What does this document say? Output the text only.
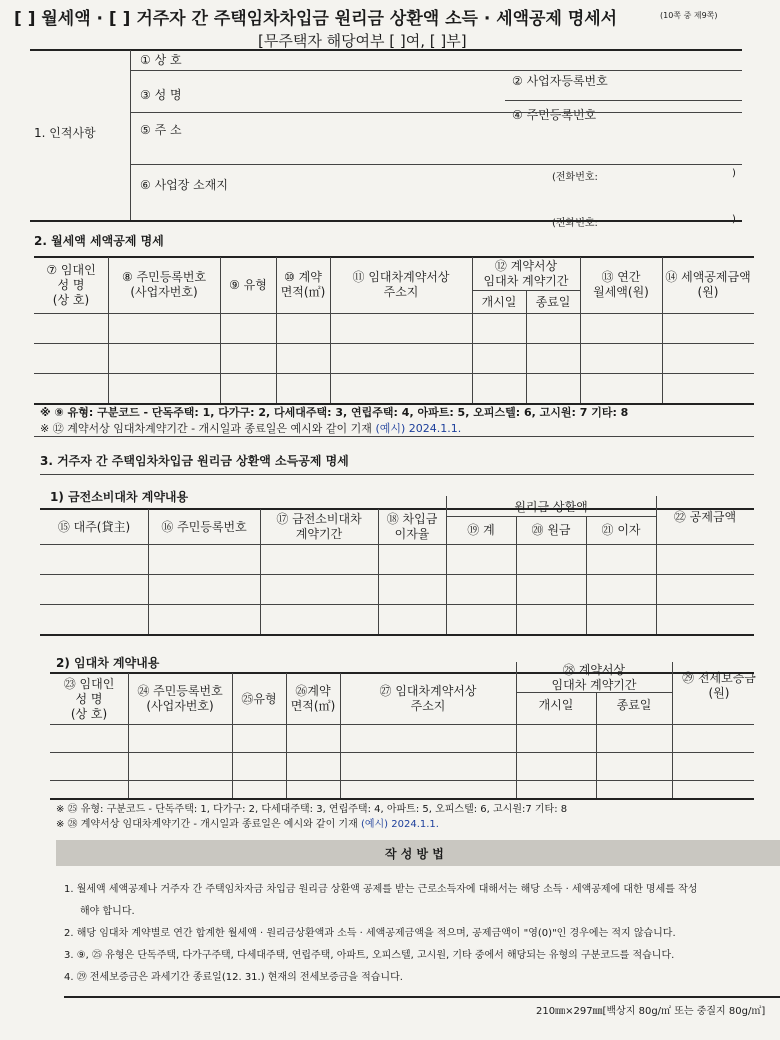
[ ] 월세액 · [ ] 거주자 간 주택임차차입금 원리금 상환액 소득 · 세액공제 명세서	(10쪽 중 제9쪽)
[무주택자 해당여부 [ ]여, [ ]부]
1. 인적사항
① 상 호
② 사업자등록번호
③ 성 명
④ 주민등록번호
⑤ 주 소
(전화번호:	)
⑥ 사업장 소재지
(전화번호:	)
2. 월세액 세액공제 명세
⑦ 임대인
성 명
(상 호)
⑧ 주민등록번호
(사업자번호)
⑨ 유형
⑩ 계약
면적(㎡)
⑪ 임대차계약서상
주소지
⑫ 계약서상
임대차 계약기간
개시일	종료일
⑬ 연간
월세액(원)
⑭ 세액공제금액
(원)
※ ⑨ 유형: 구분코드 - 단독주택: 1, 다가구: 2, 다세대주택: 3, 연립주택: 4, 아파트: 5, 오피스텔: 6, 고시원: 7 기타: 8
※ ⑫ 계약서상 임대차계약기간 - 개시일과 종료일은 예시와 같이 기재 (예시) 2024.1.1.
3. 거주자 간 주택임차차입금 원리금 상환액 소득공제 명세
1) 금전소비대차 계약내용
⑮ 대주(貸主)	⑯ 주민등록번호
⑰ 금전소비대차
계약기간
⑱ 차입금
이자율
원리금 상환액
⑲ 계	⑳ 원금	㉑ 이자
㉒ 공제금액
2) 임대차 계약내용
㉓ 임대인
성 명
(상 호)
㉔ 주민등록번호
(사업자번호)
㉕유형
㉖계약
면적(㎡)
㉗ 임대차계약서상
주소지
㉘ 계약서상
임대차 계약기간
개시일	종료일
㉙ 전세보증금
(원)
※ ㉕ 유형: 구분코드 - 단독주택: 1, 다가구: 2, 다세대주택: 3, 연립주택: 4, 아파트: 5, 오피스텔: 6, 고시원:7 기타: 8
※ ㉘ 계약서상 임대차계약기간 - 개시일과 종료일은 예시와 같이 기재 (예시) 2024.1.1.
작 성 방 법
1. 월세액 세액공제나 거주자 간 주택임차자금 차입금 원리금 상환액 공제를 받는 근로소득자에 대해서는 해당 소득 · 세액공제에 대한 명세를 작성
해야 합니다.
2. 해당 임대차 계약별로 연간 합계한 월세액 · 원리금상환액과 소득 · 세액공제금액을 적으며, 공제금액이 "영(0)"인 경우에는 적지 않습니다.
3. ⑨, ㉕ 유형은 단독주택, 다가구주택, 다세대주택, 연립주택, 아파트, 오피스텔, 고시원, 기타 중에서 해당되는 유형의 구분코드를 적습니다.
4. ㉙ 전세보증금은 과세기간 종료일(12. 31.) 현재의 전세보증금을 적습니다.
210㎜×297㎜[백상지 80g/㎡ 또는 중질지 80g/㎡]
